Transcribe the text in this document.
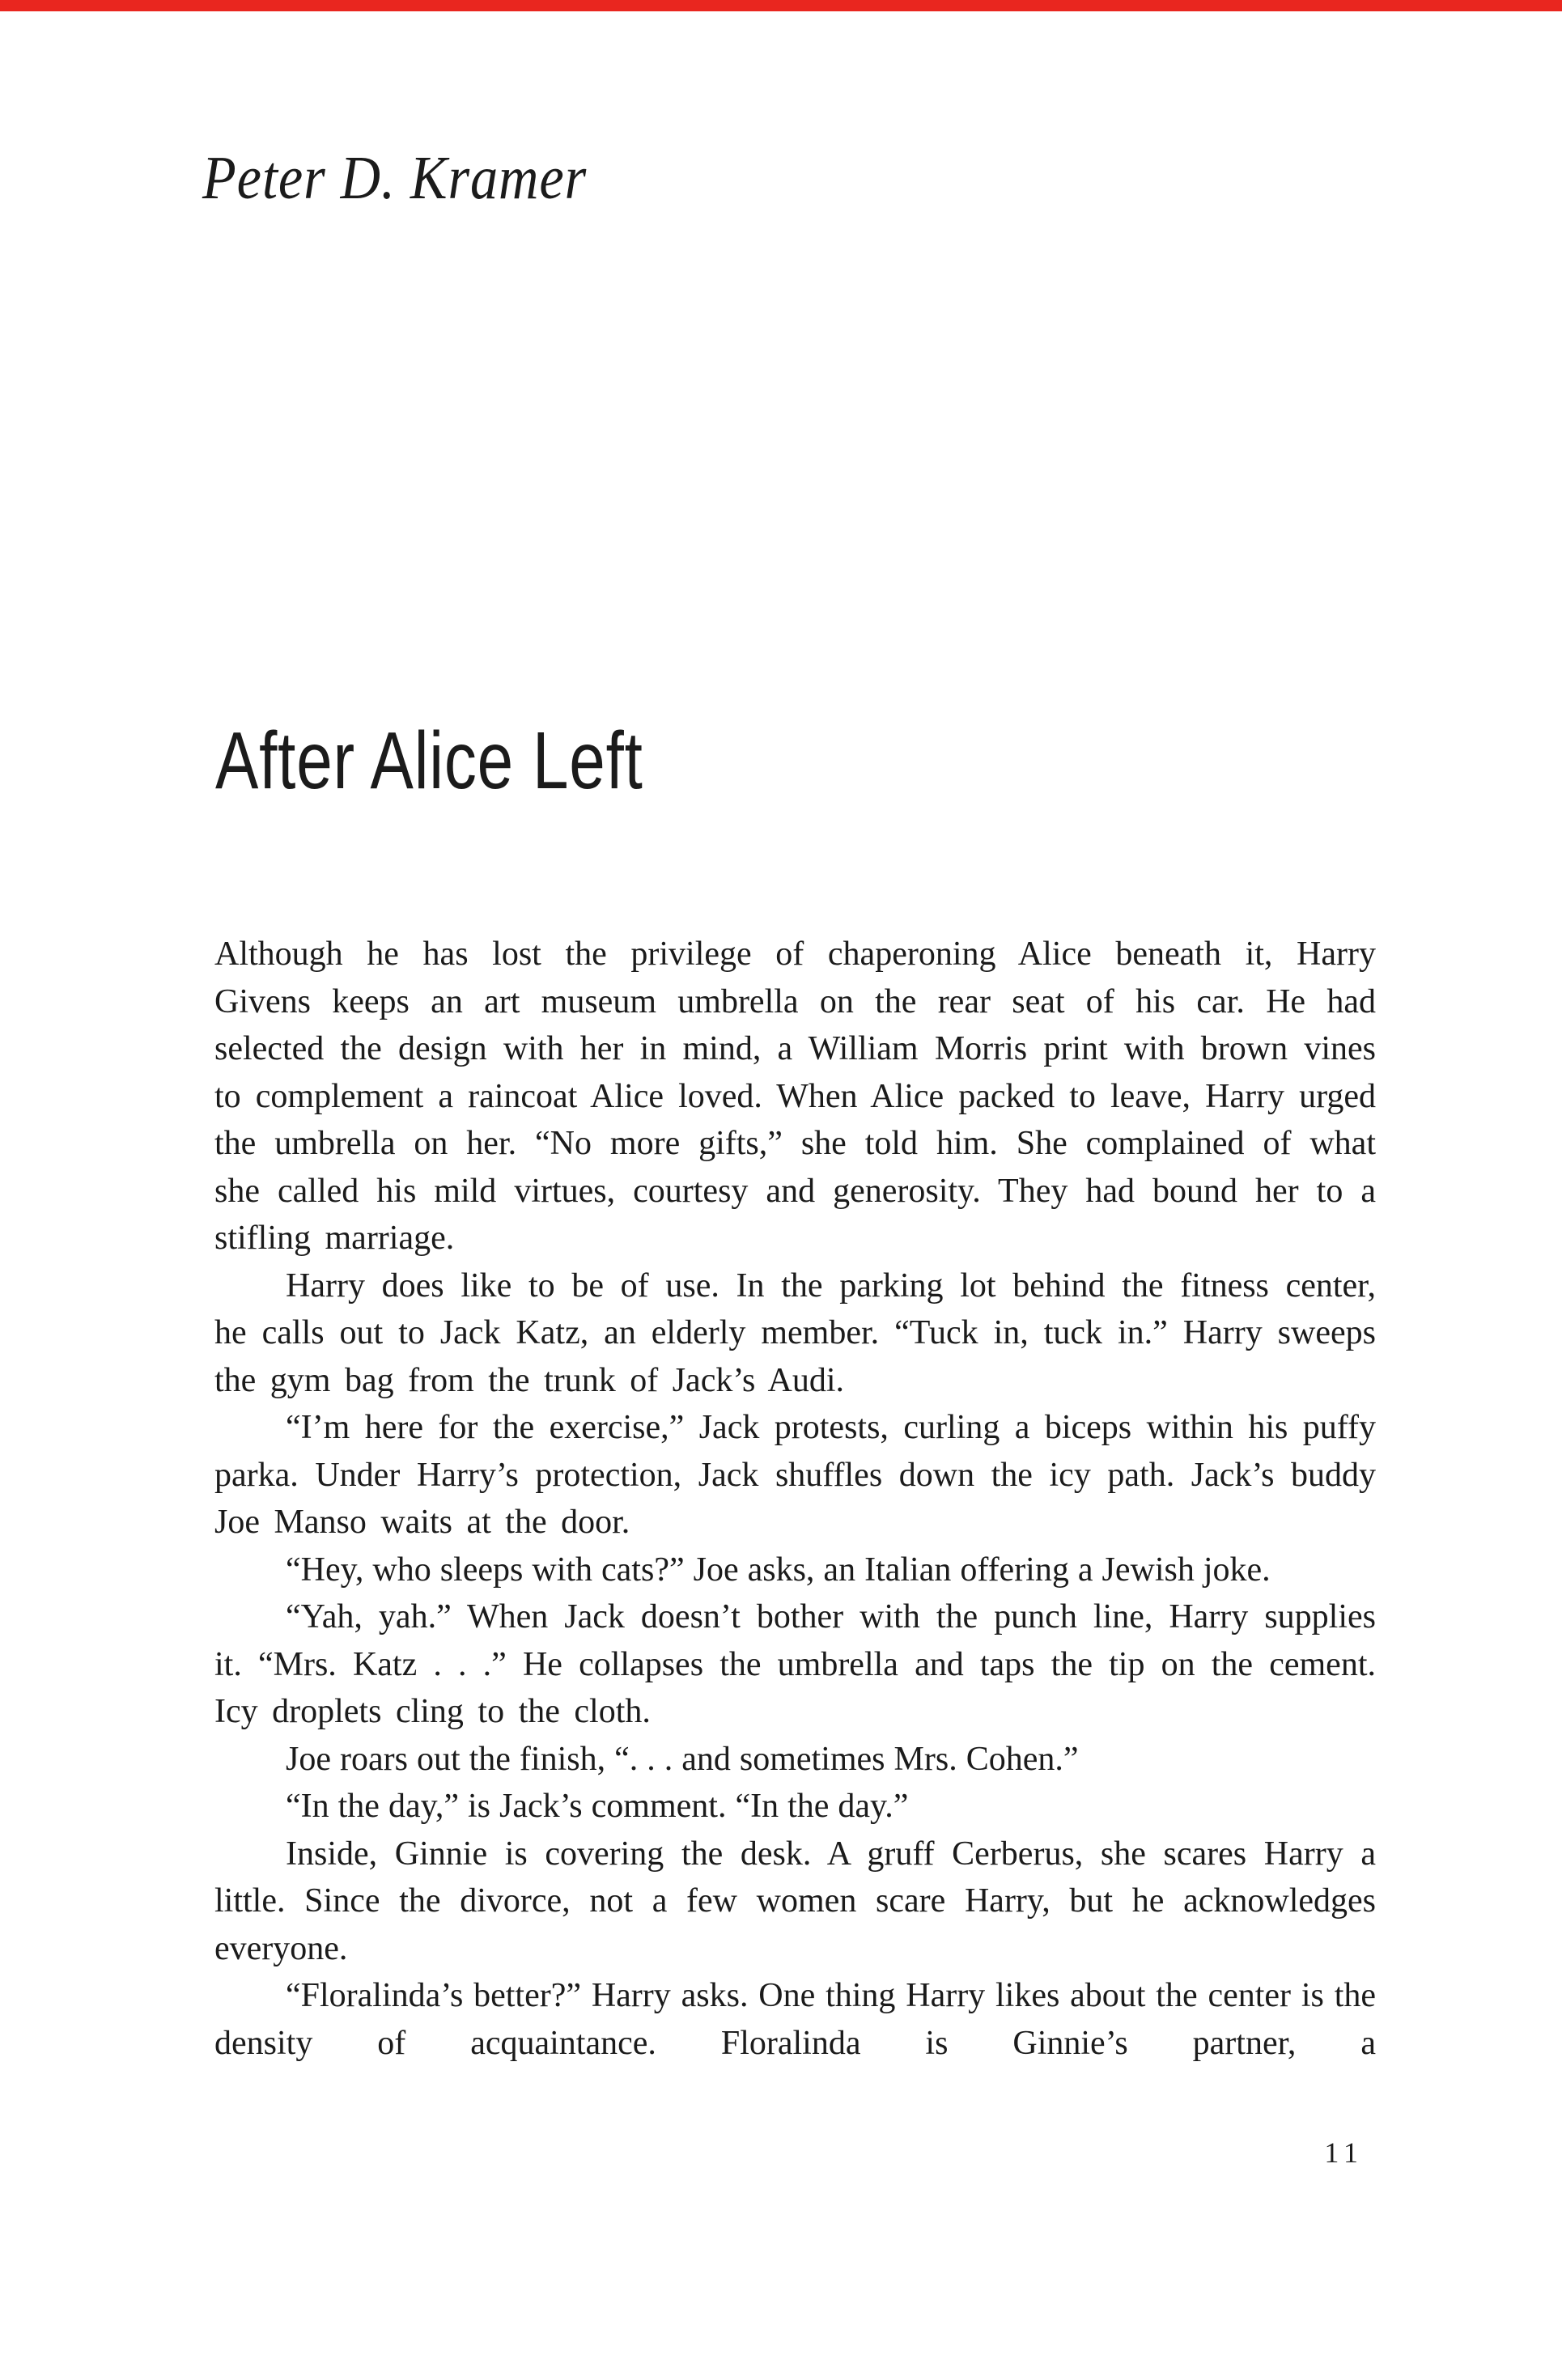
Peter D. Kramer
After Alice Left

Although he has lost the privilege of chaperoning Alice beneath it, Harry Givens keeps an art museum umbrella on the rear seat of his car. He had selected the design with her in mind, a William Morris print with brown vines to complement a raincoat Alice loved. When Alice packed to leave, Harry urged the umbrella on her. “No more gifts,” she told him. She complained of what she called his mild virtues, courtesy and generosity. They had bound her to a stifling marriage.

Harry does like to be of use. In the parking lot behind the fitness center, he calls out to Jack Katz, an elderly member. “Tuck in, tuck in.” Harry sweeps the gym bag from the trunk of Jack’s Audi.

“I’m here for the exercise,” Jack protests, curling a biceps within his puffy parka. Under Harry’s protection, Jack shuffles down the icy path. Jack’s buddy Joe Manso waits at the door.

“Hey, who sleeps with cats?” Joe asks, an Italian offering a Jewish joke.

“Yah, yah.” When Jack doesn’t bother with the punch line, Harry supplies it. “Mrs. Katz . . .” He collapses the umbrella and taps the tip on the cement. Icy droplets cling to the cloth.

Joe roars out the finish, “. . . and sometimes Mrs. Cohen.”

“In the day,” is Jack’s comment. “In the day.”

Inside, Ginnie is covering the desk. A gruff Cerberus, she scares Harry a little. Since the divorce, not a few women scare Harry, but he acknowledges everyone.

“Floralinda’s better?” Harry asks. One thing Harry likes about the center is the density of acquaintance. Floralinda is Ginnie’s partner, a

11
